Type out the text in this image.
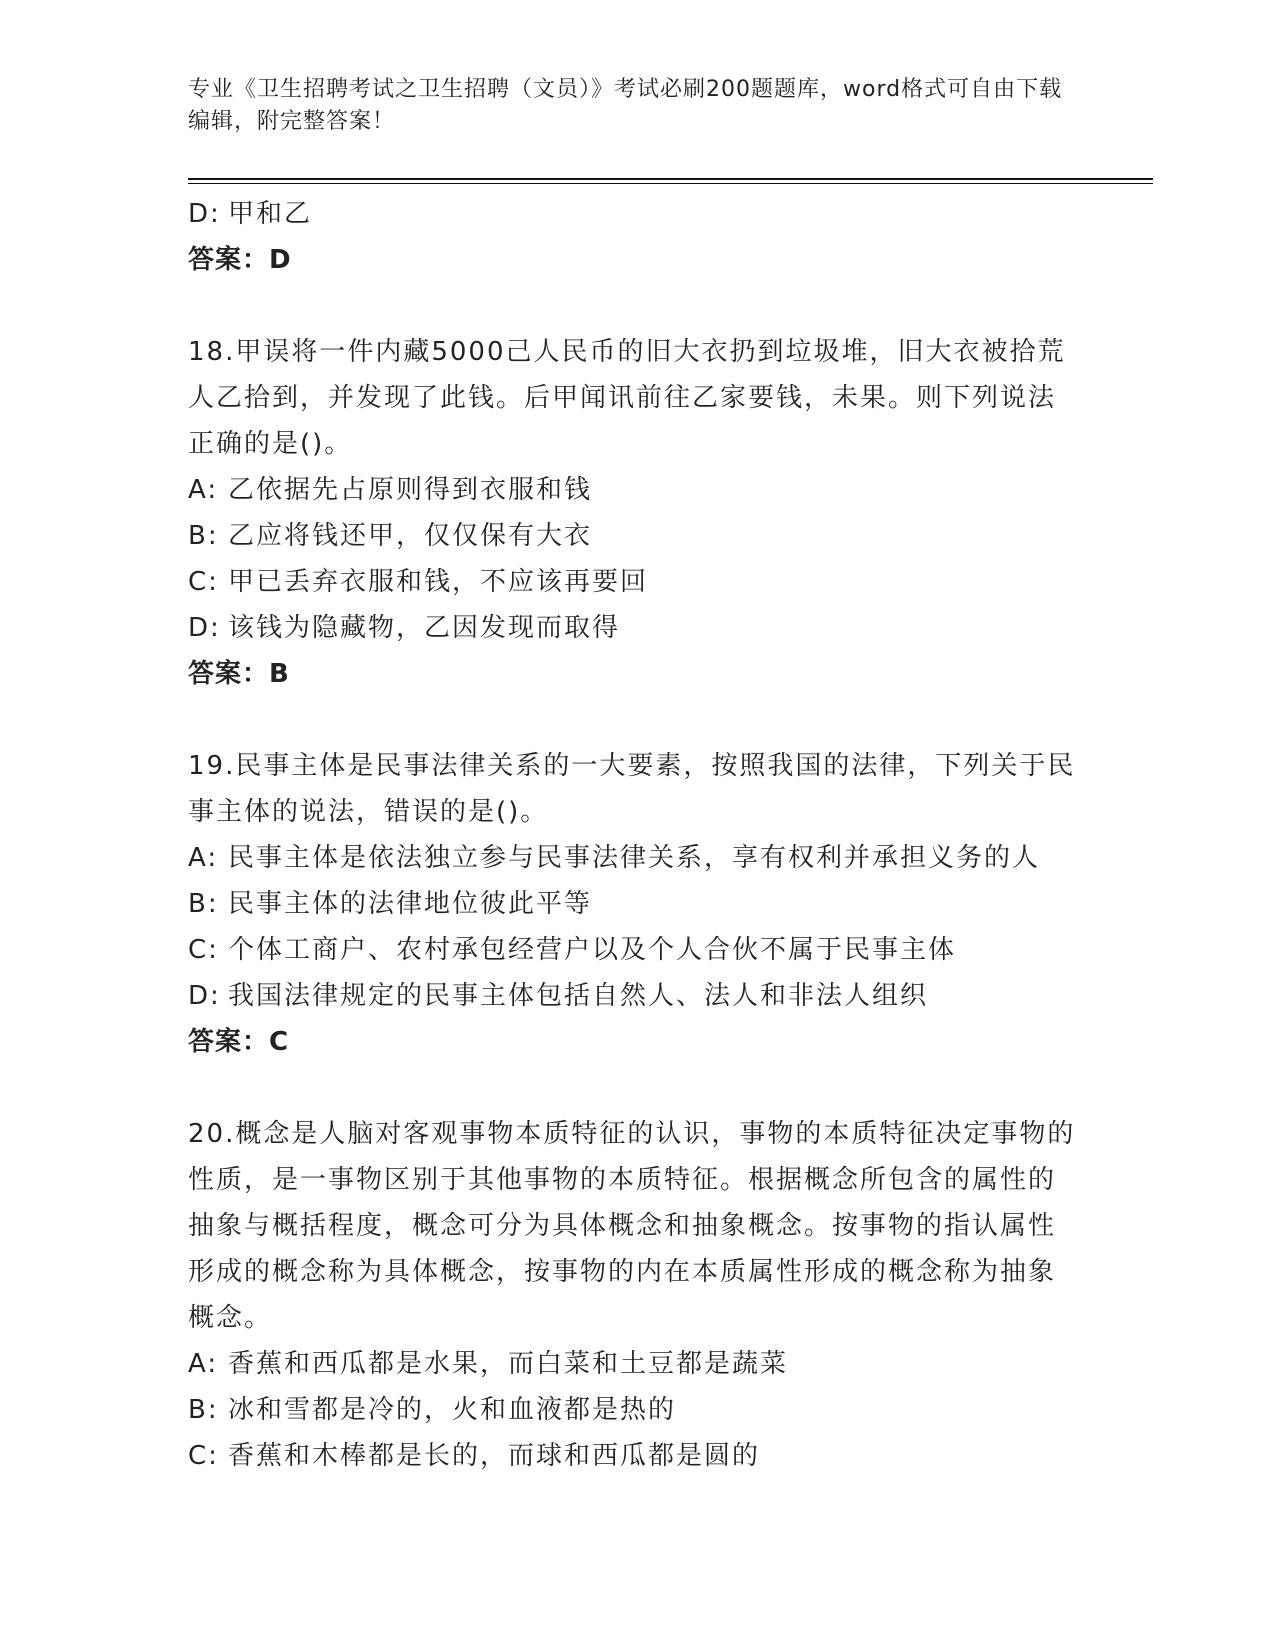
专业《卫生招聘考试之卫生招聘（文员）》考试必刷200题题库，word格式可自由下载编辑，附完整答案！
D: 甲和乙
答案：D
18.甲误将一件内藏5000己人民币的旧大衣扔到垃圾堆，旧大衣被拾荒人乙拾到，并发现了此钱。后甲闻讯前往乙家要钱，未果。则下列说法正确的是()。
A: 乙依据先占原则得到衣服和钱
B: 乙应将钱还甲，仅仅保有大衣
C: 甲已丢弃衣服和钱，不应该再要回
D: 该钱为隐藏物，乙因发现而取得
答案：B
19.民事主体是民事法律关系的一大要素，按照我国的法律，下列关于民事主体的说法，错误的是()。
A: 民事主体是依法独立参与民事法律关系，享有权利并承担义务的人
B: 民事主体的法律地位彼此平等
C: 个体工商户、农村承包经营户以及个人合伙不属于民事主体
D: 我国法律规定的民事主体包括自然人、法人和非法人组织
答案：C
20.概念是人脑对客观事物本质特征的认识，事物的本质特征决定事物的性质，是一事物区别于其他事物的本质特征。根据概念所包含的属性的抽象与概括程度，概念可分为具体概念和抽象概念。按事物的指认属性形成的概念称为具体概念，按事物的内在本质属性形成的概念称为抽象概念。
A: 香蕉和西瓜都是水果，而白菜和土豆都是蔬菜
B: 冰和雪都是冷的，火和血液都是热的
C: 香蕉和木棒都是长的，而球和西瓜都是圆的
